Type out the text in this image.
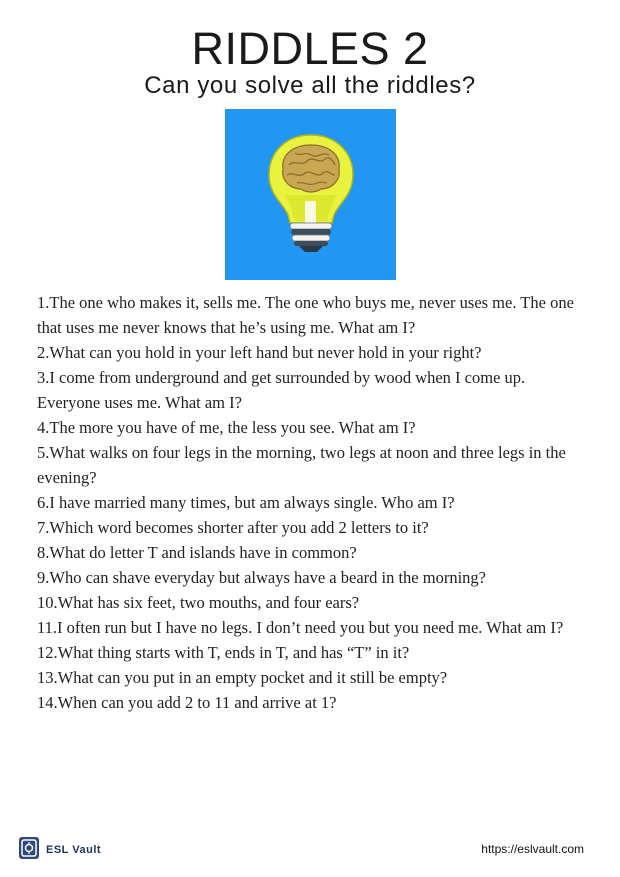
RIDDLES 2
Can you solve all the riddles?
1.The one who makes it, sells me. The one who buys me, never uses me. The one that uses me never knows that he’s using me. What am I?
2.What can you hold in your left hand but never hold in your right?
3.I come from underground and get surrounded by wood when I come up. Everyone uses me. What am I?
4.The more you have of me, the less you see. What am I?
5.What walks on four legs in the morning, two legs at noon and three legs in the evening?
6.I have married many times, but am always single. Who am I?
7.Which word becomes shorter after you add 2 letters to it?
8.What do letter T and islands have in common?
9.Who can shave everyday but always have a beard in the morning?
10.What has six feet, two mouths, and four ears?
11.I often run but I have no legs. I don’t need you but you need me. What am I?
12.What thing starts with T, ends in T, and has “T” in it?
13.What can you put in an empty pocket and it still be empty?
14.When can you add 2 to 11 and arrive at 1?
ESL Vault	https://eslvault.com
